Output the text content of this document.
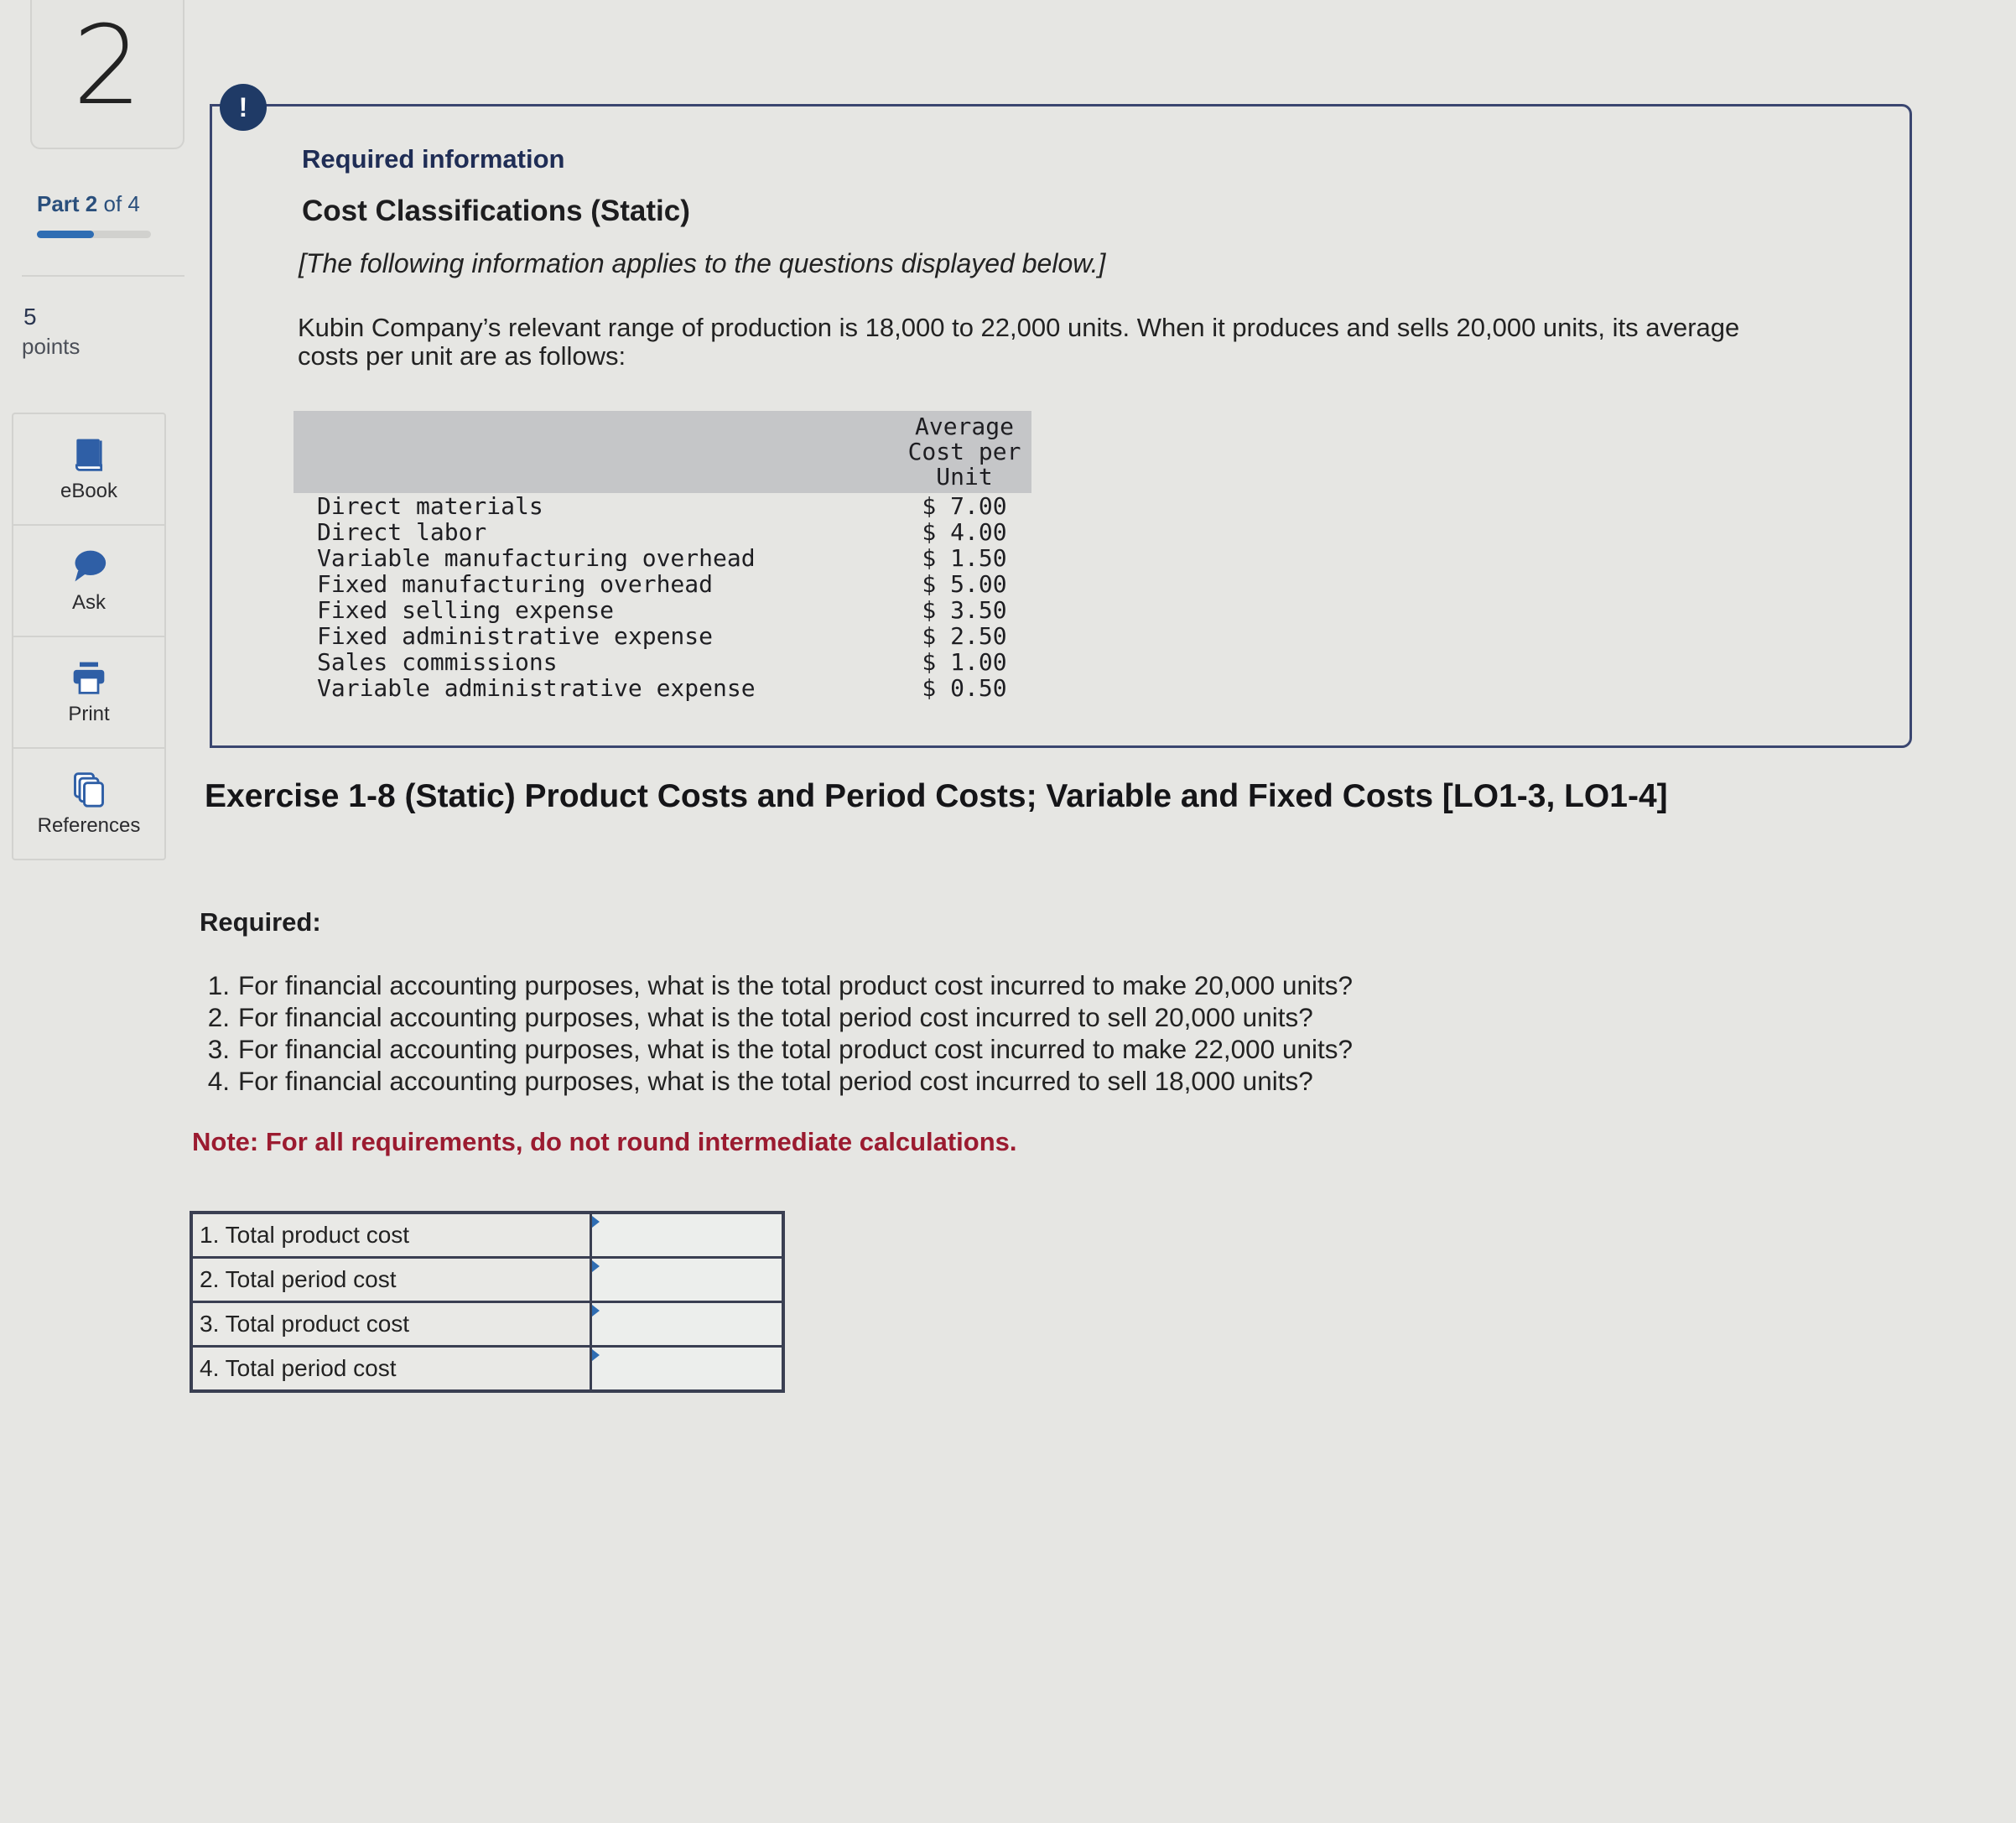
2
Part 2 of 4
5
points
eBook
Ask
Print
References
!
Required information
Cost Classifications (Static)
[The following information applies to the questions displayed below.]
Kubin Company’s relevant range of production is 18,000 to 22,000 units. When it produces and sells 20,000 units, its average costs per unit are as follows:
	Average Cost per Unit
Direct materials	$ 7.00
Direct labor	$ 4.00
Variable manufacturing overhead	$ 1.50
Fixed manufacturing overhead	$ 5.00
Fixed selling expense	$ 3.50
Fixed administrative expense	$ 2.50
Sales commissions	$ 1.00
Variable administrative expense	$ 0.50
Exercise 1-8 (Static) Product Costs and Period Costs; Variable and Fixed Costs [LO1-3, LO1-4]
Required:
1. For financial accounting purposes, what is the total product cost incurred to make 20,000 units?
2. For financial accounting purposes, what is the total period cost incurred to sell 20,000 units?
3. For financial accounting purposes, what is the total product cost incurred to make 22,000 units?
4. For financial accounting purposes, what is the total period cost incurred to sell 18,000 units?
Note: For all requirements, do not round intermediate calculations.
1. Total product cost	

2. Total period cost	

3. Total product cost	

4. Total period cost	
